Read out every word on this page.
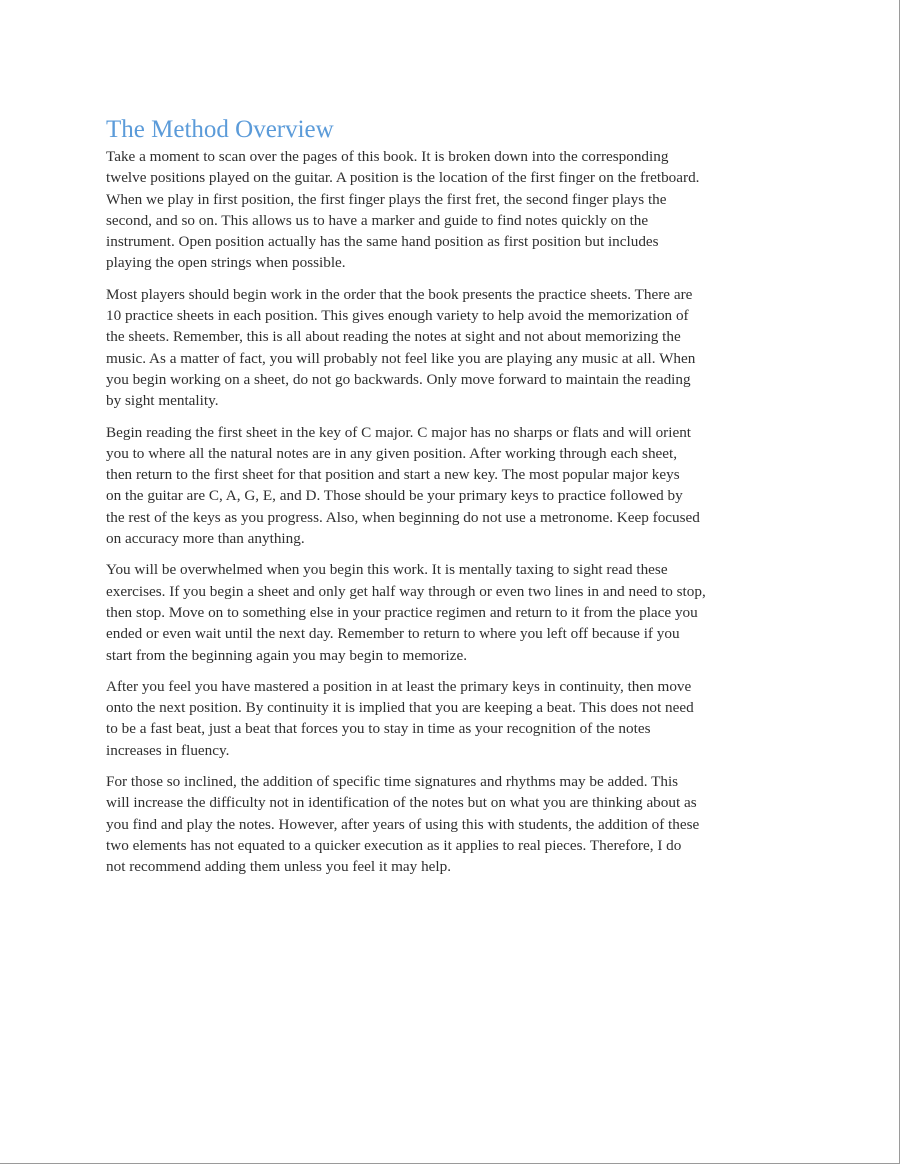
The Method Overview

Take a moment to scan over the pages of this book. It is broken down into the corresponding
twelve positions played on the guitar. A position is the location of the first finger on the fretboard.
When we play in first position, the first finger plays the first fret, the second finger plays the
second, and so on. This allows us to have a marker and guide to find notes quickly on the
instrument. Open position actually has the same hand position as first position but includes
playing the open strings when possible.

Most players should begin work in the order that the book presents the practice sheets. There are
10 practice sheets in each position. This gives enough variety to help avoid the memorization of
the sheets. Remember, this is all about reading the notes at sight and not about memorizing the
music. As a matter of fact, you will probably not feel like you are playing any music at all. When
you begin working on a sheet, do not go backwards. Only move forward to maintain the reading
by sight mentality.

Begin reading the first sheet in the key of C major. C major has no sharps or flats and will orient
you to where all the natural notes are in any given position. After working through each sheet,
then return to the first sheet for that position and start a new key. The most popular major keys
on the guitar are C, A, G, E, and D. Those should be your primary keys to practice followed by
the rest of the keys as you progress. Also, when beginning do not use a metronome. Keep focused
on accuracy more than anything.

You will be overwhelmed when you begin this work. It is mentally taxing to sight read these
exercises. If you begin a sheet and only get half way through or even two lines in and need to stop,
then stop. Move on to something else in your practice regimen and return to it from the place you
ended or even wait until the next day. Remember to return to where you left off because if you
start from the beginning again you may begin to memorize.

After you feel you have mastered a position in at least the primary keys in continuity, then move
onto the next position. By continuity it is implied that you are keeping a beat. This does not need
to be a fast beat, just a beat that forces you to stay in time as your recognition of the notes
increases in fluency.

For those so inclined, the addition of specific time signatures and rhythms may be added. This
will increase the difficulty not in identification of the notes but on what you are thinking about as
you find and play the notes. However, after years of using this with students, the addition of these
two elements has not equated to a quicker execution as it applies to real pieces. Therefore, I do
not recommend adding them unless you feel it may help.
